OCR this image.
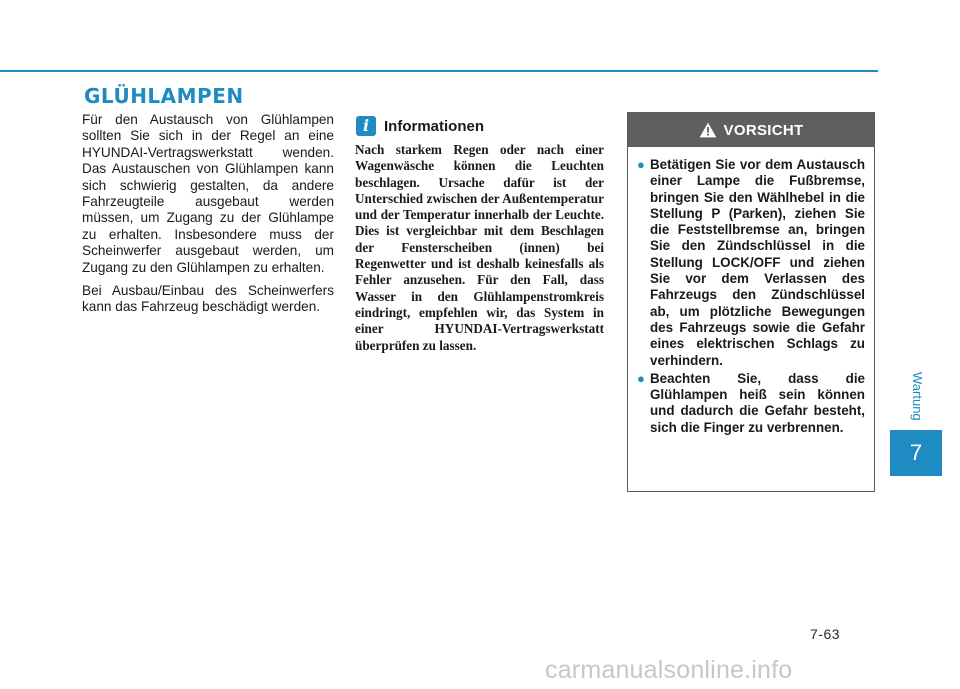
GLÜHLAMPEN

Für den Austausch von Glühlampen sollten Sie sich in der Regel an eine HYUNDAI-Vertragswerkstatt wenden. Das Austauschen von Glühlampen kann sich schwierig gestalten, da andere Fahrzeugteile ausgebaut werden müssen, um Zugang zu der Glühlampe zu erhalten. Insbesondere muss der Scheinwerfer ausgebaut werden, um Zugang zu den Glühlampen zu erhalten.

Bei Ausbau/Einbau des Scheinwerfers kann das Fahrzeug beschädigt werden.

i Informationen
Nach starkem Regen oder nach einer Wagenwäsche können die Leuchten beschlagen. Ursache dafür ist der Unterschied zwischen der Außentemperatur und der Temperatur innerhalb der Leuchte. Dies ist vergleichbar mit dem Beschlagen der Fensterscheiben (innen) bei Regenwetter und ist deshalb keinesfalls als Fehler anzusehen. Für den Fall, dass Wasser in den Glühlampenstromkreis eindringt, empfehlen wir, das System in einer HYUNDAI-Vertragswerkstatt überprüfen zu lassen.
VORSICHT
● Betätigen Sie vor dem Austausch einer Lampe die Fußbremse, bringen Sie den Wählhebel in die Stellung P (Parken), ziehen Sie die Feststellbremse an, bringen Sie den Zündschlüssel in die Stellung LOCK/OFF und ziehen Sie vor dem Verlassen des Fahrzeugs den Zündschlüssel ab, um plötzliche Bewegungen des Fahrzeugs sowie die Gefahr eines elektrischen Schlags zu verhindern.
● Beachten Sie, dass die Glühlampen heiß sein können und dadurch die Gefahr besteht, sich die Finger zu verbrennen.
Wartung
7
7-63
carmanualsonline.info
